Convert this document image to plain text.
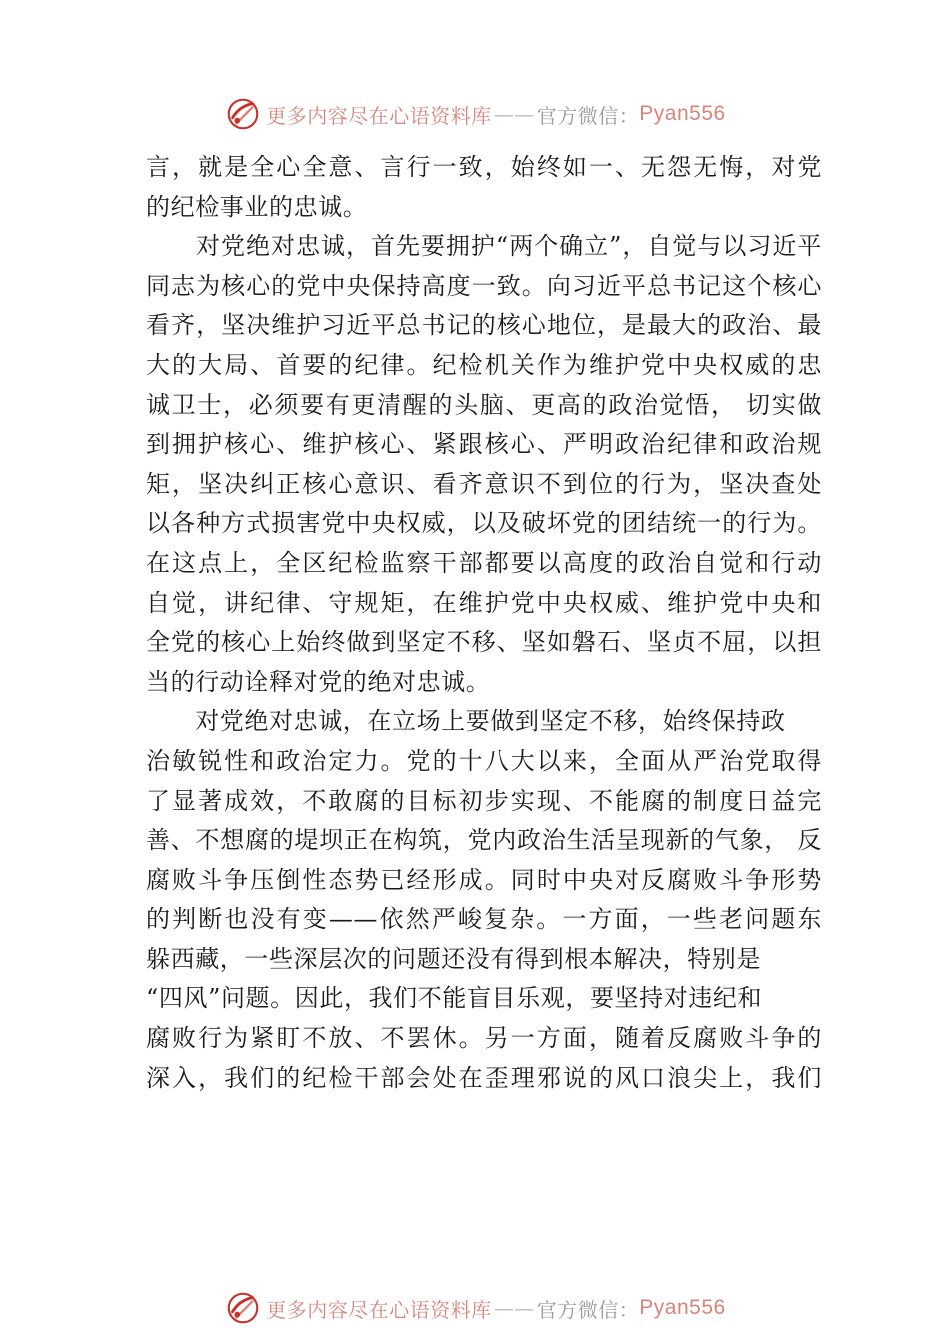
更多内容尽在心语资料库 —— 官方微信： Pyan556
言，就是全心全意、言行一致，始终如一、无怨无悔，对党
的纪检事业的忠诚。
　　对党绝对忠诚，首先要拥护“两个确立”，自觉与以习近平
同志为核心的党中央保持高度一致。向习近平总书记这个核心
看齐，坚决维护习近平总书记的核心地位，是最大的政治、最
大的大局、首要的纪律。纪检机关作为维护党中央权威的忠
诚卫士，必须要有更清醒的头脑、更高的政治觉悟， 切实做
到拥护核心、维护核心、紧跟核心、严明政治纪律和政治规
矩，坚决纠正核心意识、看齐意识不到位的行为，坚决查处
以各种方式损害党中央权威，以及破坏党的团结统一的行为。
在这点上，全区纪检监察干部都要以高度的政治自觉和行动
自觉，讲纪律、守规矩，在维护党中央权威、维护党中央和
全党的核心上始终做到坚定不移、坚如磐石、坚贞不屈，以担
当的行动诠释对党的绝对忠诚。
　　对党绝对忠诚，在立场上要做到坚定不移，始终保持政
治敏锐性和政治定力。党的十八大以来，全面从严治党取得
了显著成效，不敢腐的目标初步实现、不能腐的制度日益完
善、不想腐的堤坝正在构筑，党内政治生活呈现新的气象， 反
腐败斗争压倒性态势已经形成。同时中央对反腐败斗争形势
的判断也没有变——依然严峻复杂。一方面，一些老问题东
躲西藏，一些深层次的问题还没有得到根本解决，特别是
“四风”问题。因此，我们不能盲目乐观，要坚持对违纪和
腐败行为紧盯不放、不罢休。另一方面，随着反腐败斗争的
深入，我们的纪检干部会处在歪理邪说的风口浪尖上，我们
更多内容尽在心语资料库 —— 官方微信： Pyan556
